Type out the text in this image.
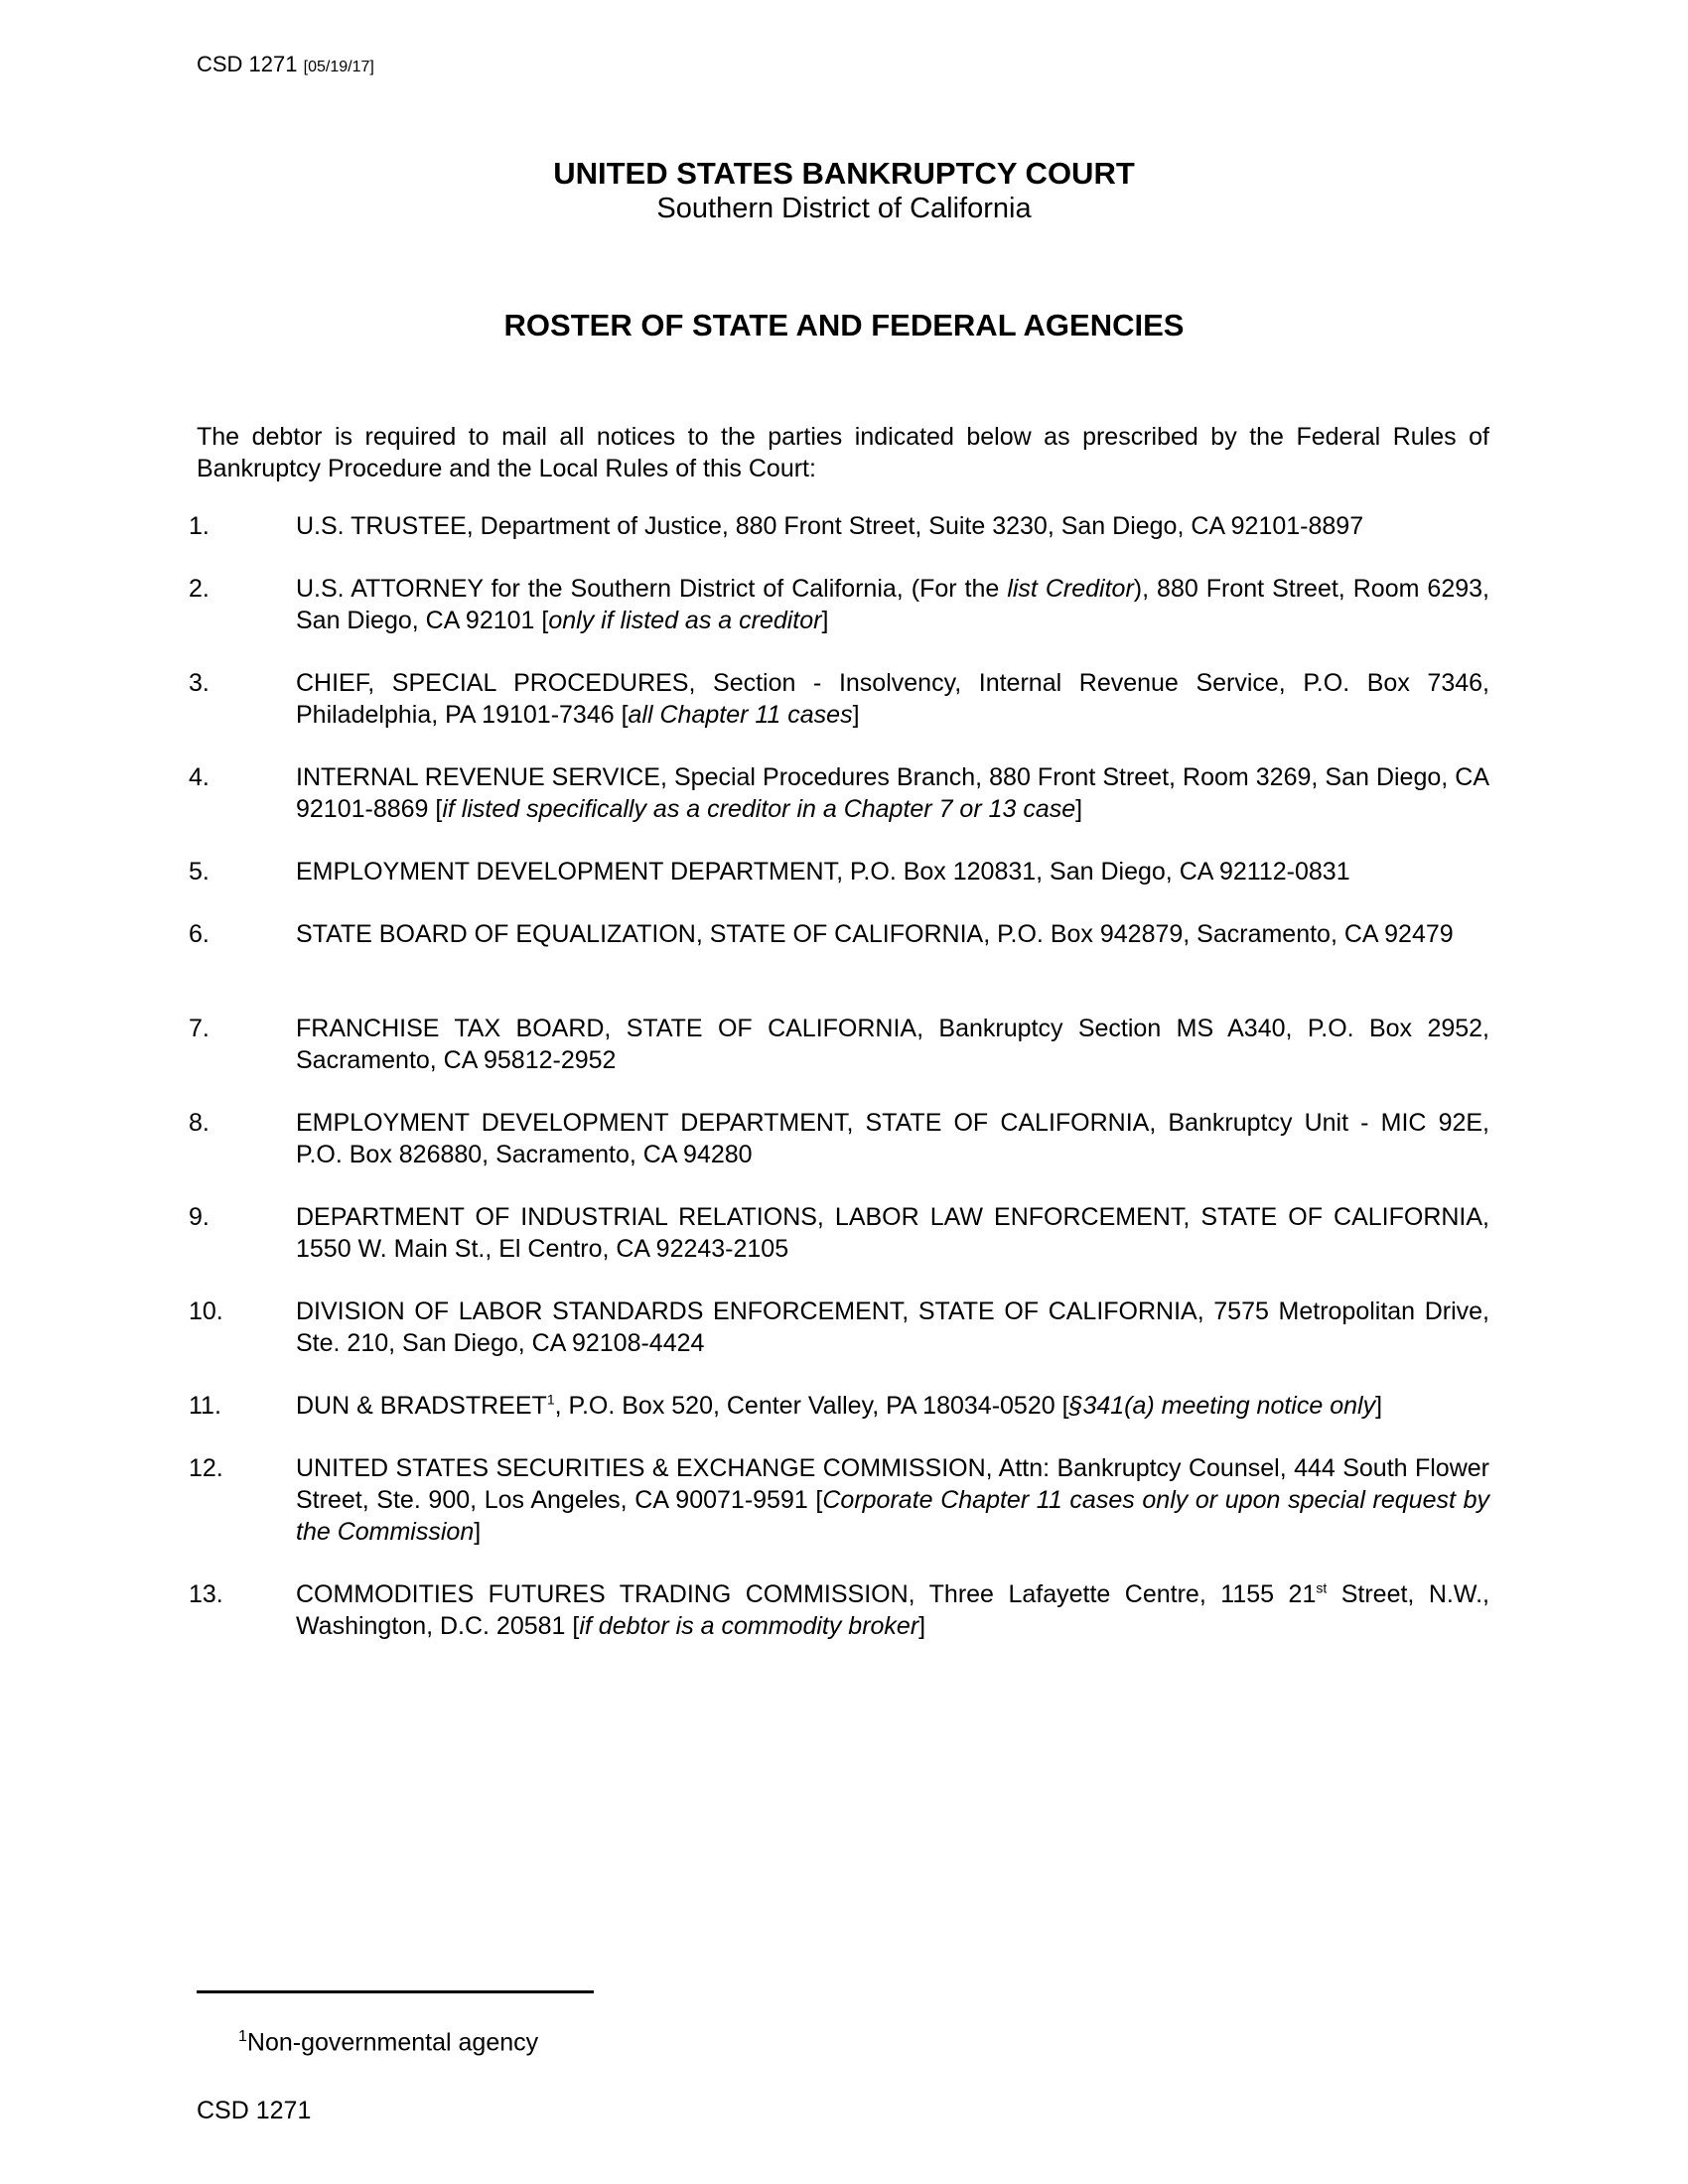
CSD 1271 [05/19/17]
UNITED STATES BANKRUPTCY COURT
Southern District of California
ROSTER OF STATE AND FEDERAL AGENCIES
The debtor is required to mail all notices to the parties indicated below as prescribed by the Federal Rules of Bankruptcy Procedure and the Local Rules of this Court:
1.	U.S. TRUSTEE, Department of Justice, 880 Front Street, Suite 3230, San Diego, CA 92101-8897
2.	U.S. ATTORNEY for the Southern District of California, (For the list Creditor), 880 Front Street, Room 6293, San Diego, CA 92101 [only if listed as a creditor]
3.	CHIEF, SPECIAL PROCEDURES, Section - Insolvency, Internal Revenue Service, P.O. Box 7346, Philadelphia, PA 19101-7346 [all Chapter 11 cases]
4.	INTERNAL REVENUE SERVICE, Special Procedures Branch, 880 Front Street, Room 3269, San Diego, CA 92101-8869 [if listed specifically as a creditor in a Chapter 7 or 13 case]
5.	EMPLOYMENT DEVELOPMENT DEPARTMENT, P.O. Box 120831, San Diego, CA 92112-0831
6.	STATE BOARD OF EQUALIZATION, STATE OF CALIFORNIA, P.O. Box 942879, Sacramento, CA 92479
7.	FRANCHISE TAX BOARD, STATE OF CALIFORNIA, Bankruptcy Section MS A340, P.O. Box 2952, Sacramento, CA 95812-2952
8.	EMPLOYMENT DEVELOPMENT DEPARTMENT, STATE OF CALIFORNIA, Bankruptcy Unit - MIC 92E, P.O. Box 826880, Sacramento, CA 94280
9.	DEPARTMENT OF INDUSTRIAL RELATIONS, LABOR LAW ENFORCEMENT, STATE OF CALIFORNIA, 1550 W. Main St., El Centro, CA 92243-2105
10.	DIVISION OF LABOR STANDARDS ENFORCEMENT, STATE OF CALIFORNIA, 7575 Metropolitan Drive, Ste. 210, San Diego, CA 92108-4424
11.	DUN & BRADSTREET$^1$, P.O. Box 520, Center Valley, PA 18034-0520 [§341(a) meeting notice only]
12.	UNITED STATES SECURITIES & EXCHANGE COMMISSION, Attn: Bankruptcy Counsel, 444 South Flower Street, Ste. 900, Los Angeles, CA 90071-9591 [Corporate Chapter 11 cases only or upon special request by the Commission]
13.	COMMODITIES FUTURES TRADING COMMISSION, Three Lafayette Centre, 1155 21st Street, N.W., Washington, D.C. 20581 [if debtor is a commodity broker]
$^1$Non-governmental agency
CSD 1271
